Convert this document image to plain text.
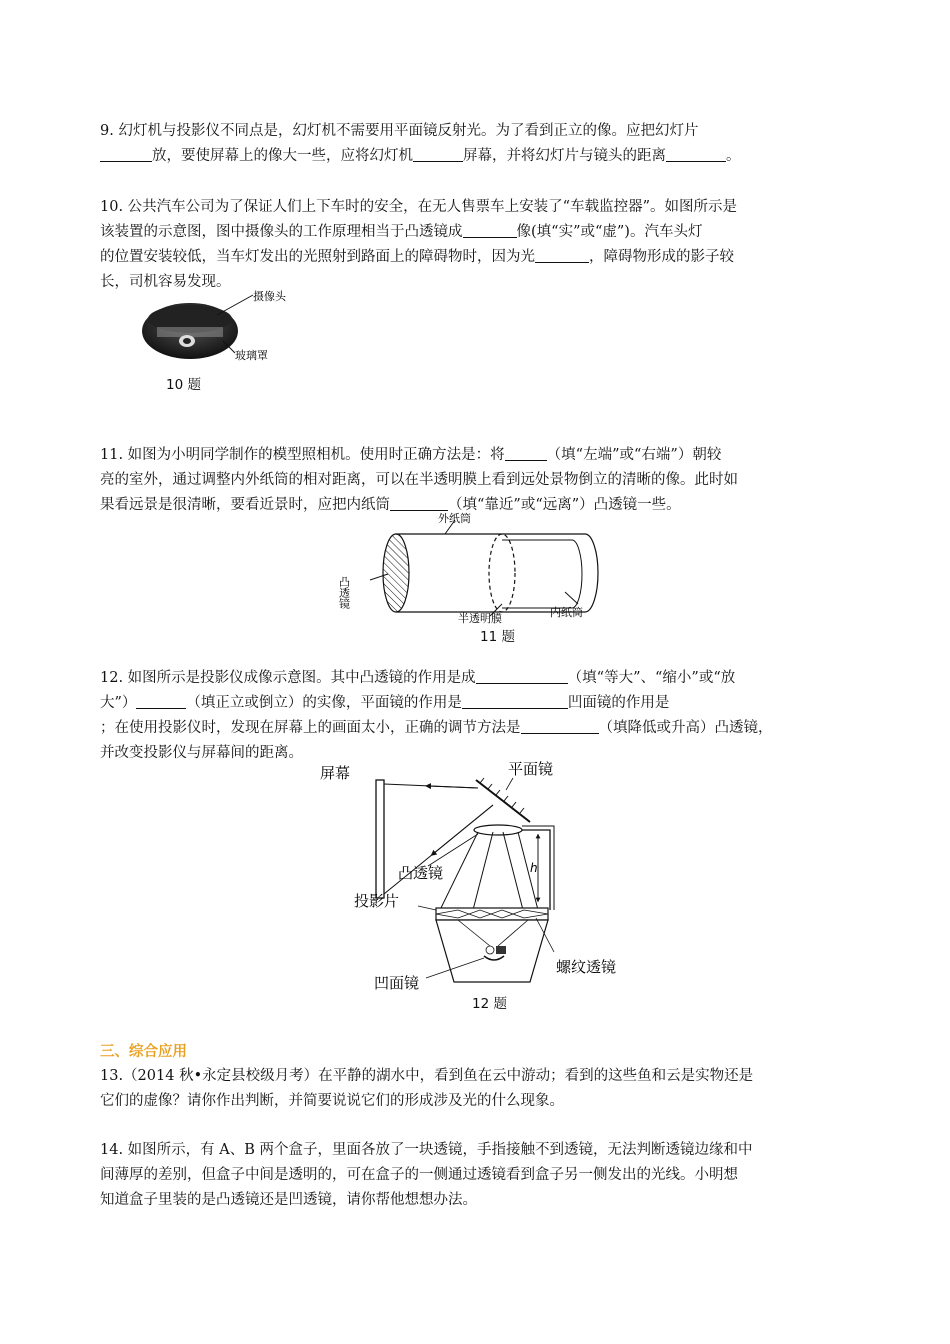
9. 幻灯机与投影仪不同点是，幻灯机不需要用平面镜反射光。为了看到正立的像。应把幻灯片

放，要使屏幕上的像大一些，应将幻灯机	屏幕，并将幻灯片与镜头的距离	。

10. 公共汽车公司为了保证人们上下车时的安全，在无人售票车上安装了“车载监控器”。如图所示是

该装置的示意图，图中摄像头的工作原理相当于凸透镜成	像(填“实”或“虚”)。汽车头灯

的位置安装较低，当车灯发出的光照射到路面上的障碍物时，因为光	，障碍物形成的影子较

长，司机容易发现。

摄像头
玻璃罩
10 题

11. 如图为小明同学制作的模型照相机。使用时正确方法是：将	（填“左端”或“右端”）朝较

亮的室外，通过调整内外纸筒的相对距离，可以在半透明膜上看到远处景物倒立的清晰的像。此时如

果看远景是很清晰，要看近景时，应把内纸筒	（填“靠近”或“远离”）凸透镜一些。

外纸筒
凸透镜
半透明膜	内纸筒
11 题

12. 如图所示是投影仪成像示意图。其中凸透镜的作用是成	（填“等大”、“缩小”或“放

大”）	（填正立或倒立）的实像，平面镜的作用是	凹面镜的作用是

；在使用投影仪时，发现在屏幕上的画面太小，正确的调节方法是	（填降低或升高）凸透镜，

并改变投影仪与屏幕间的距离。

h
屏幕	平面镜
凸透镜
投影片
螺纹透镜
凹面镜
12 题
三、综合应用

13.（2014 秋•永定县校级月考）在平静的湖水中，看到鱼在云中游动；看到的这些鱼和云是实物还是

它们的虚像？请你作出判断，并简要说说它们的形成涉及光的什么现象。

14. 如图所示，有 A、B 两个盒子，里面各放了一块透镜，手指接触不到透镜，无法判断透镜边缘和中

间薄厚的差别，但盒子中间是透明的，可在盒子的一侧通过透镜看到盒子另一侧发出的光线。小明想

知道盒子里装的是凸透镜还是凹透镜，请你帮他想想办法。
